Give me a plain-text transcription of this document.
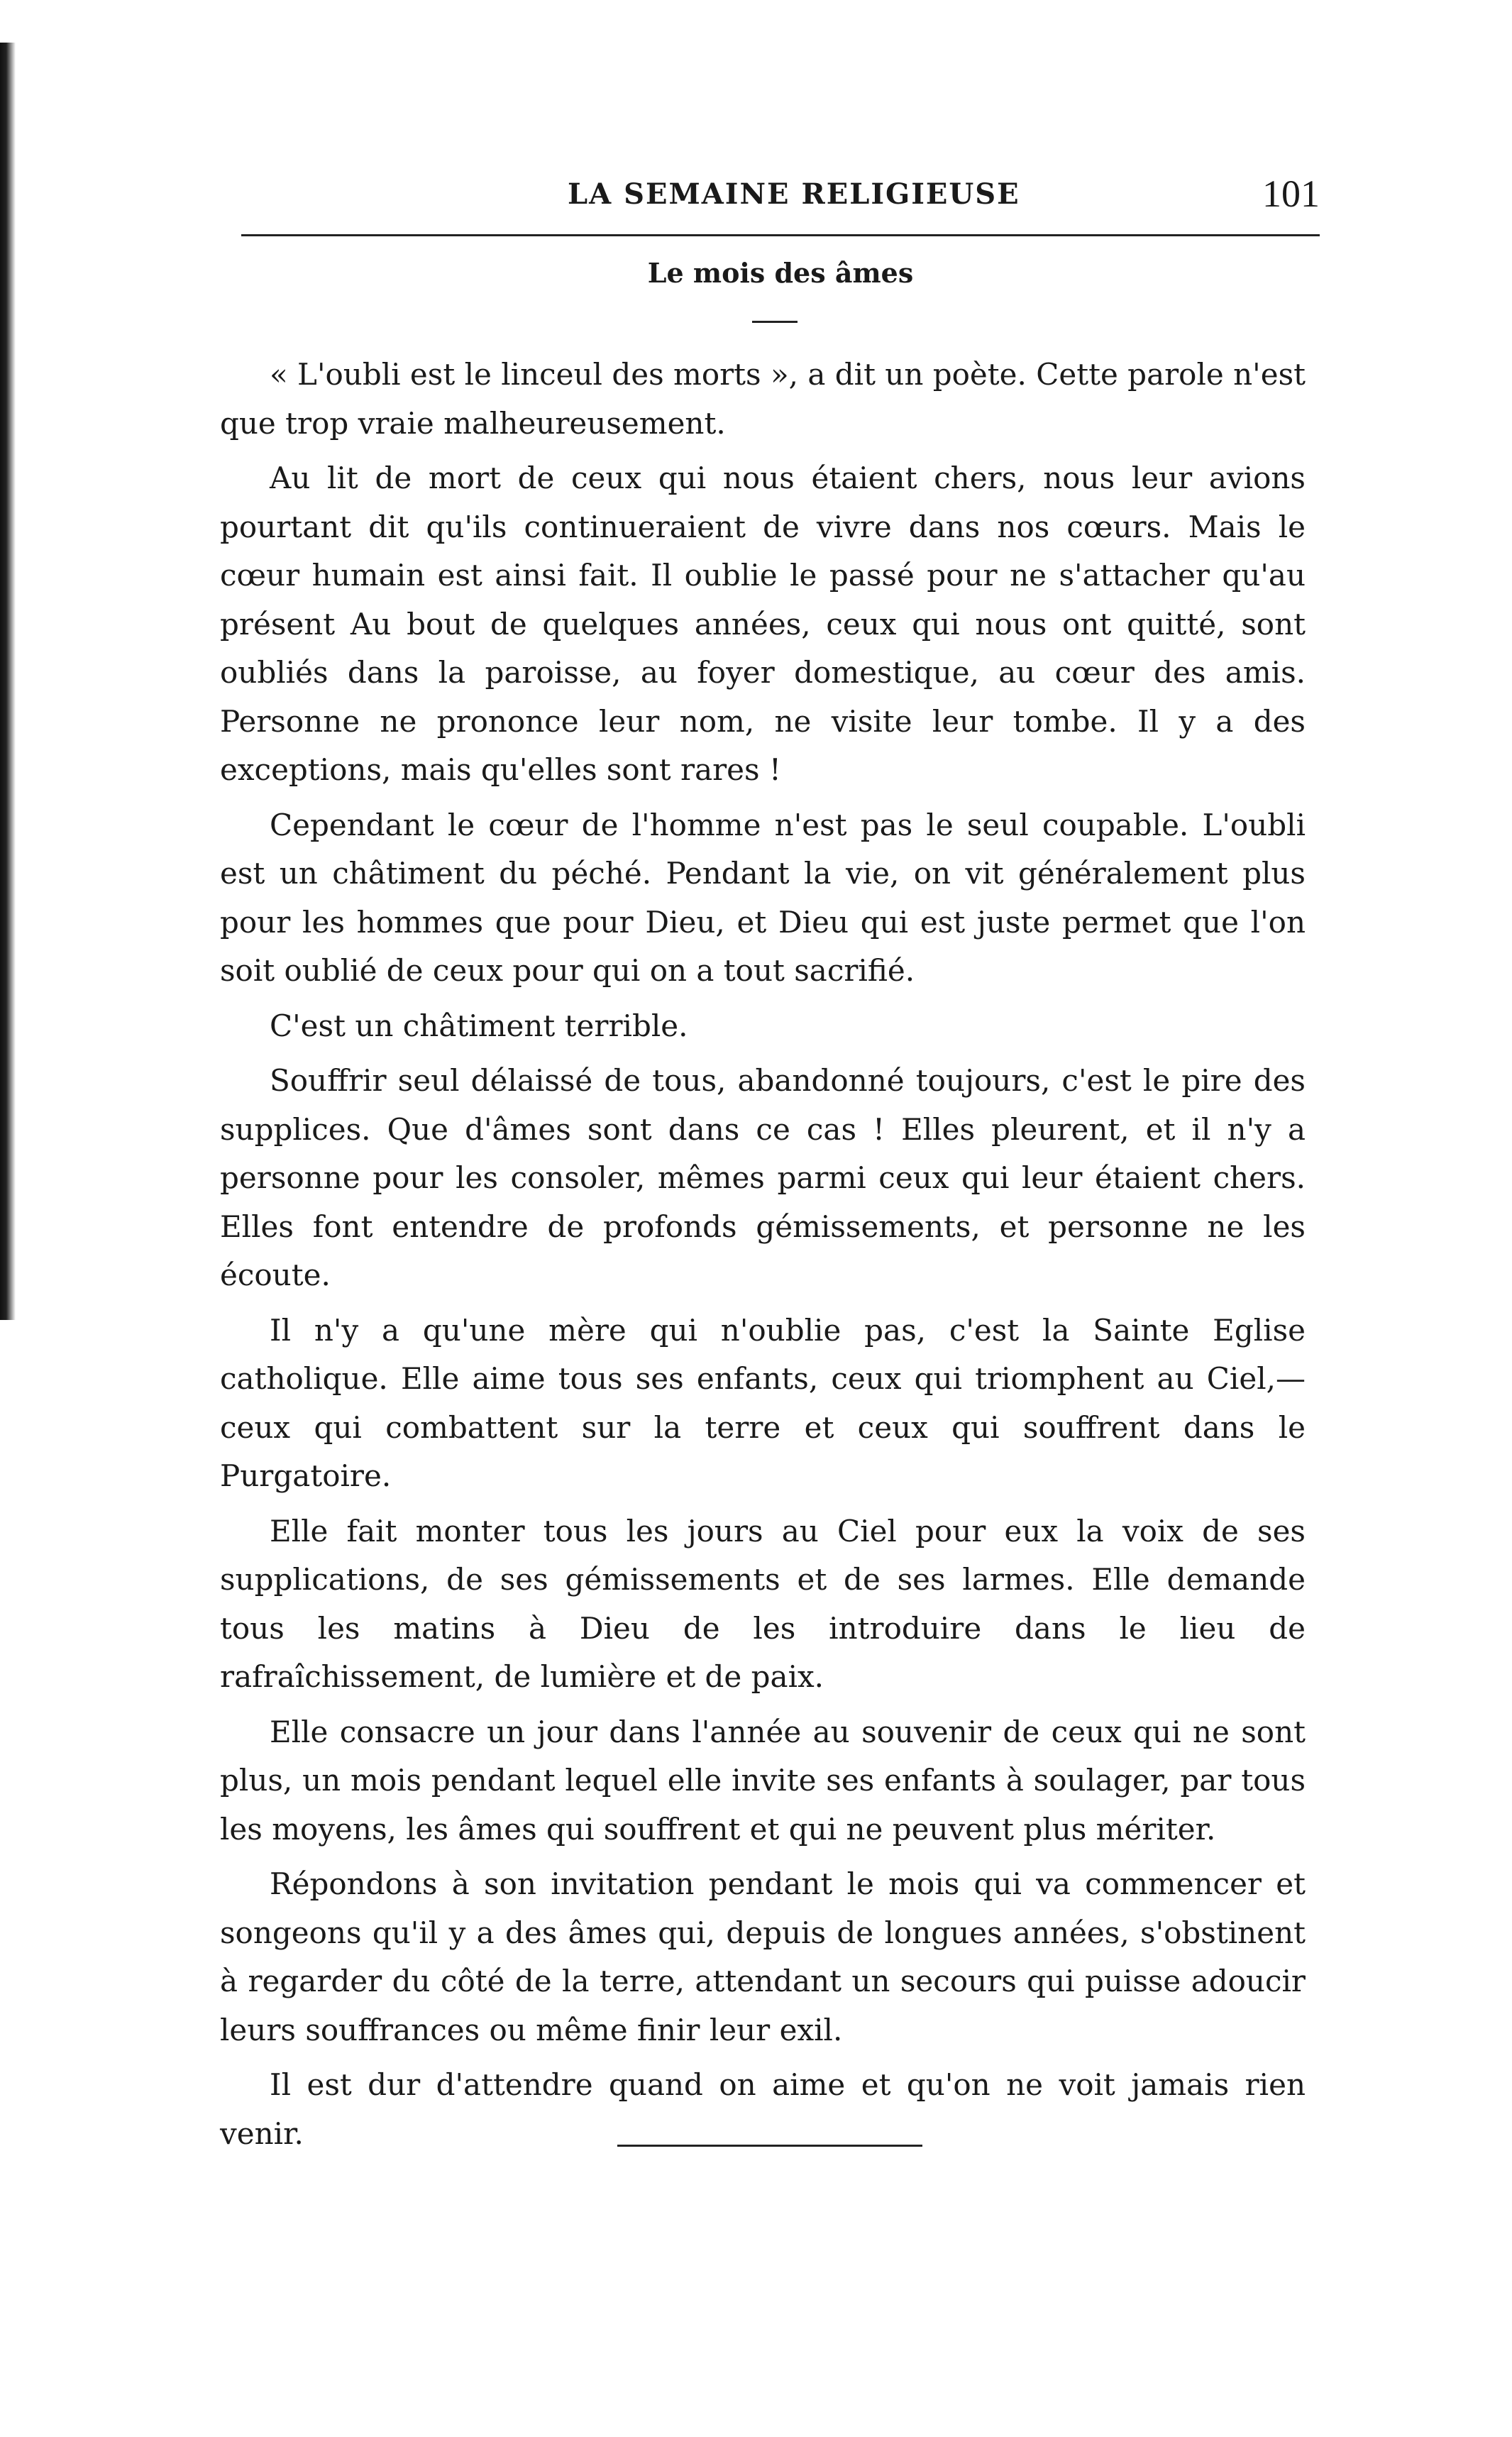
LA SEMAINE RELIGIEUSE	101
Le mois des âmes

« L'oubli est le linceul des morts », a dit un poète. Cette parole n'est que trop vraie malheureusement.

Au lit de mort de ceux qui nous étaient chers, nous leur avions pourtant dit qu'ils continueraient de vivre dans nos cœurs. Mais le cœur humain est ainsi fait. Il oublie le passé pour ne s'attacher qu'au présent Au bout de quelques années, ceux qui nous ont quitté, sont oubliés dans la paroisse, au foyer domestique, au cœur des amis. Personne ne prononce leur nom, ne visite leur tombe. Il y a des exceptions, mais qu'elles sont rares !

Cependant le cœur de l'homme n'est pas le seul coupable. L'oubli est un châtiment du péché. Pendant la vie, on vit généralement plus pour les hommes que pour Dieu, et Dieu qui est juste permet que l'on soit oublié de ceux pour qui on a tout sacrifié.

C'est un châtiment terrible.

Souffrir seul délaissé de tous, abandonné toujours, c'est le pire des supplices. Que d'âmes sont dans ce cas ! Elles pleurent, et il n'y a personne pour les consoler, mêmes parmi ceux qui leur étaient chers. Elles font entendre de profonds gémissements, et personne ne les écoute.

Il n'y a qu'une mère qui n'oublie pas, c'est la Sainte Eglise catholique. Elle aime tous ses enfants, ceux qui triomphent au Ciel,— ceux qui combattent sur la terre et ceux qui souffrent dans le Purgatoire.

Elle fait monter tous les jours au Ciel pour eux la voix de ses supplications, de ses gémissements et de ses larmes. Elle demande tous les matins à Dieu de les introduire dans le lieu de rafraîchissement, de lumière et de paix.

Elle consacre un jour dans l'année au souvenir de ceux qui ne sont plus, un mois pendant lequel elle invite ses enfants à soulager, par tous les moyens, les âmes qui souffrent et qui ne peuvent plus mériter.

Répondons à son invitation pendant le mois qui va commencer et songeons qu'il y a des âmes qui, depuis de longues années, s'obstinent à regarder du côté de la terre, attendant un secours qui puisse adoucir leurs souffrances ou même finir leur exil.

Il est dur d'attendre quand on aime et qu'on ne voit jamais rien venir.
